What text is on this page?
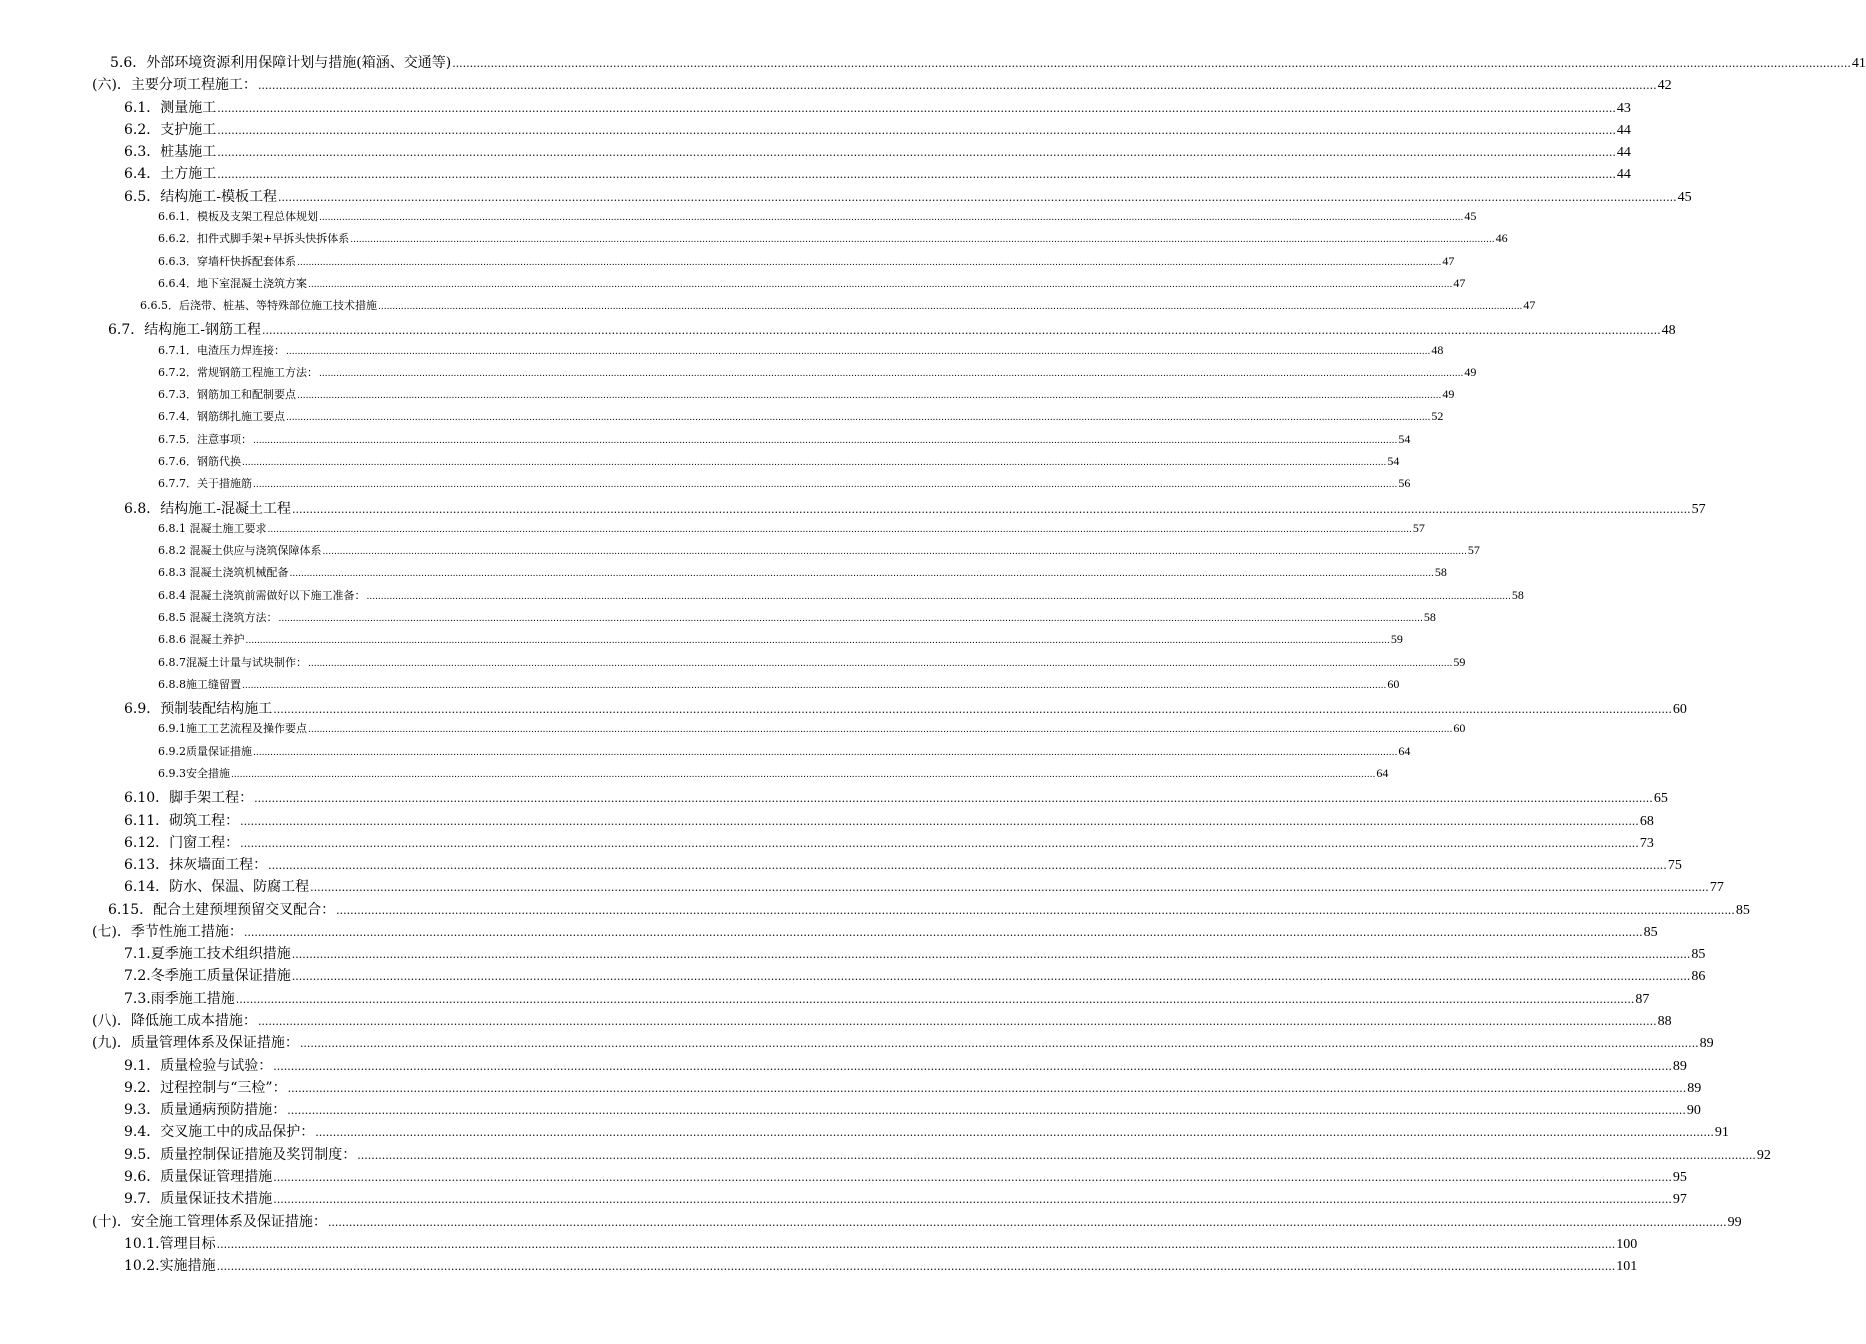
5.6．外部环境资源利用保障计划与措施(箱涵、交通等) ................................................................................................................................................................................................................................................................................................................................................................................................................ 41
(六)．主要分项工程施工： ................................................................................................................................................................................................................................................................................................................................................................................................................ 42
6.1．测量施工 ................................................................................................................................................................................................................................................................................................................................................................................................................ 43
6.2．支护施工 ................................................................................................................................................................................................................................................................................................................................................................................................................ 44
6.3．桩基施工 ................................................................................................................................................................................................................................................................................................................................................................................................................ 44
6.4．土方施工 ................................................................................................................................................................................................................................................................................................................................................................................................................ 44
6.5．结构施工-模板工程 ................................................................................................................................................................................................................................................................................................................................................................................................................ 45
6.6.1．模板及支架工程总体规划 ................................................................................................................................................................................................................................................................................................................................................................................................................ 45
6.6.2．扣件式脚手架+早拆头快拆体系 ................................................................................................................................................................................................................................................................................................................................................................................................................ 46
6.6.3．穿墙杆快拆配套体系 ................................................................................................................................................................................................................................................................................................................................................................................................................ 47
6.6.4．地下室混凝土浇筑方案 ................................................................................................................................................................................................................................................................................................................................................................................................................ 47
6.6.5．后浇带、桩基、等特殊部位施工技术措施 ................................................................................................................................................................................................................................................................................................................................................................................................................ 47
6.7．结构施工-钢筋工程 ................................................................................................................................................................................................................................................................................................................................................................................................................ 48
6.7.1．电渣压力焊连接： ................................................................................................................................................................................................................................................................................................................................................................................................................ 48
6.7.2．常规钢筋工程施工方法： ................................................................................................................................................................................................................................................................................................................................................................................................................ 49
6.7.3．钢筋加工和配制要点 ................................................................................................................................................................................................................................................................................................................................................................................................................ 49
6.7.4．钢筋绑扎施工要点 ................................................................................................................................................................................................................................................................................................................................................................................................................ 52
6.7.5．注意事项： ................................................................................................................................................................................................................................................................................................................................................................................................................ 54
6.7.6．钢筋代换 ................................................................................................................................................................................................................................................................................................................................................................................................................ 54
6.7.7．关于措施筋 ................................................................................................................................................................................................................................................................................................................................................................................................................ 56
6.8．结构施工-混凝土工程 ................................................................................................................................................................................................................................................................................................................................................................................................................ 57
6.8.1 混凝土施工要求 ................................................................................................................................................................................................................................................................................................................................................................................................................ 57
6.8.2 混凝土供应与浇筑保障体系 ................................................................................................................................................................................................................................................................................................................................................................................................................ 57
6.8.3 混凝土浇筑机械配备 ................................................................................................................................................................................................................................................................................................................................................................................................................ 58
6.8.4 混凝土浇筑前需做好以下施工准备： ................................................................................................................................................................................................................................................................................................................................................................................................................ 58
6.8.5 混凝土浇筑方法： ................................................................................................................................................................................................................................................................................................................................................................................................................ 58
6.8.6 混凝土养护 ................................................................................................................................................................................................................................................................................................................................................................................................................ 59
6.8.7混凝土计量与试块制作： ................................................................................................................................................................................................................................................................................................................................................................................................................ 59
6.8.8施工缝留置 ................................................................................................................................................................................................................................................................................................................................................................................................................ 60
6.9．预制装配结构施工 ................................................................................................................................................................................................................................................................................................................................................................................................................ 60
6.9.1施工工艺流程及操作要点 ................................................................................................................................................................................................................................................................................................................................................................................................................ 60
6.9.2质量保证措施 ................................................................................................................................................................................................................................................................................................................................................................................................................ 64
6.9.3安全措施 ................................................................................................................................................................................................................................................................................................................................................................................................................ 64
6.10．脚手架工程： ................................................................................................................................................................................................................................................................................................................................................................................................................ 65
6.11．砌筑工程： ................................................................................................................................................................................................................................................................................................................................................................................................................ 68
6.12．门窗工程： ................................................................................................................................................................................................................................................................................................................................................................................................................ 73
6.13．抹灰墙面工程： ................................................................................................................................................................................................................................................................................................................................................................................................................ 75
6.14．防水、保温、防腐工程 ................................................................................................................................................................................................................................................................................................................................................................................................................ 77
6.15．配合土建预埋预留交叉配合： ................................................................................................................................................................................................................................................................................................................................................................................................................ 85
(七)．季节性施工措施： ................................................................................................................................................................................................................................................................................................................................................................................................................ 85
7.1.夏季施工技术组织措施 ................................................................................................................................................................................................................................................................................................................................................................................................................ 85
7.2.冬季施工质量保证措施 ................................................................................................................................................................................................................................................................................................................................................................................................................ 86
7.3.雨季施工措施 ................................................................................................................................................................................................................................................................................................................................................................................................................ 87
(八)．降低施工成本措施： ................................................................................................................................................................................................................................................................................................................................................................................................................ 88
(九)．质量管理体系及保证措施： ................................................................................................................................................................................................................................................................................................................................................................................................................ 89
9.1．质量检验与试验： ................................................................................................................................................................................................................................................................................................................................................................................................................ 89
9.2．过程控制与“三检”： ................................................................................................................................................................................................................................................................................................................................................................................................................ 89
9.3．质量通病预防措施： ................................................................................................................................................................................................................................................................................................................................................................................................................ 90
9.4．交叉施工中的成品保护： ................................................................................................................................................................................................................................................................................................................................................................................................................ 91
9.5．质量控制保证措施及奖罚制度： ................................................................................................................................................................................................................................................................................................................................................................................................................ 92
9.6．质量保证管理措施 ................................................................................................................................................................................................................................................................................................................................................................................................................ 95
9.7．质量保证技术措施 ................................................................................................................................................................................................................................................................................................................................................................................................................ 97
(十)．安全施工管理体系及保证措施： ................................................................................................................................................................................................................................................................................................................................................................................................................ 99
10.1.管理目标 ................................................................................................................................................................................................................................................................................................................................................................................................................ 100
10.2.实施措施 ................................................................................................................................................................................................................................................................................................................................................................................................................ 101
